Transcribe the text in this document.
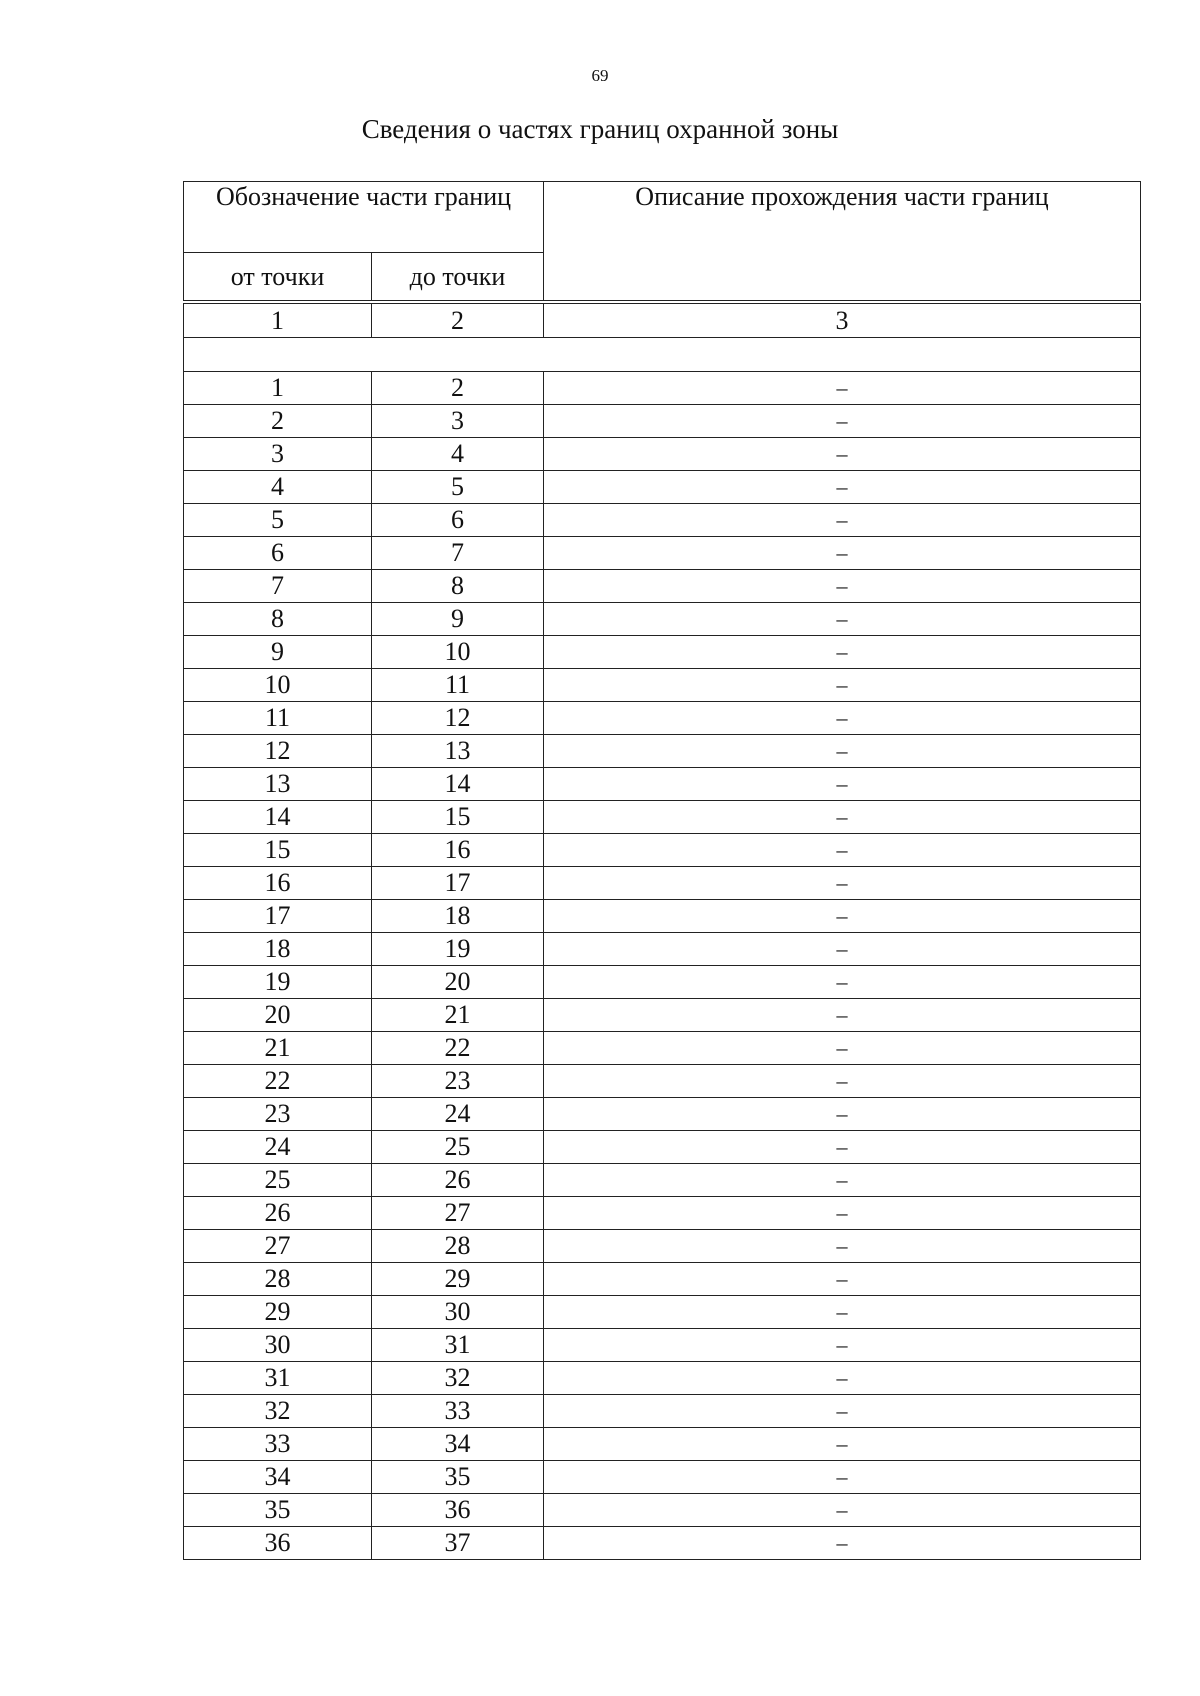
69
Сведения о частях границ охранной зоны
Обозначение части границ		Описание прохождения части границ
от точки	до точки	

1	2	3

1	2	–
2	3	–
3	4	–
4	5	–
5	6	–
6	7	–
7	8	–
8	9	–
9	10	–
10	11	–
11	12	–
12	13	–
13	14	–
14	15	–
15	16	–
16	17	–
17	18	–
18	19	–
19	20	–
20	21	–
21	22	–
22	23	–
23	24	–
24	25	–
25	26	–
26	27	–
27	28	–
28	29	–
29	30	–
30	31	–
31	32	–
32	33	–
33	34	–
34	35	–
35	36	–
36	37	–
